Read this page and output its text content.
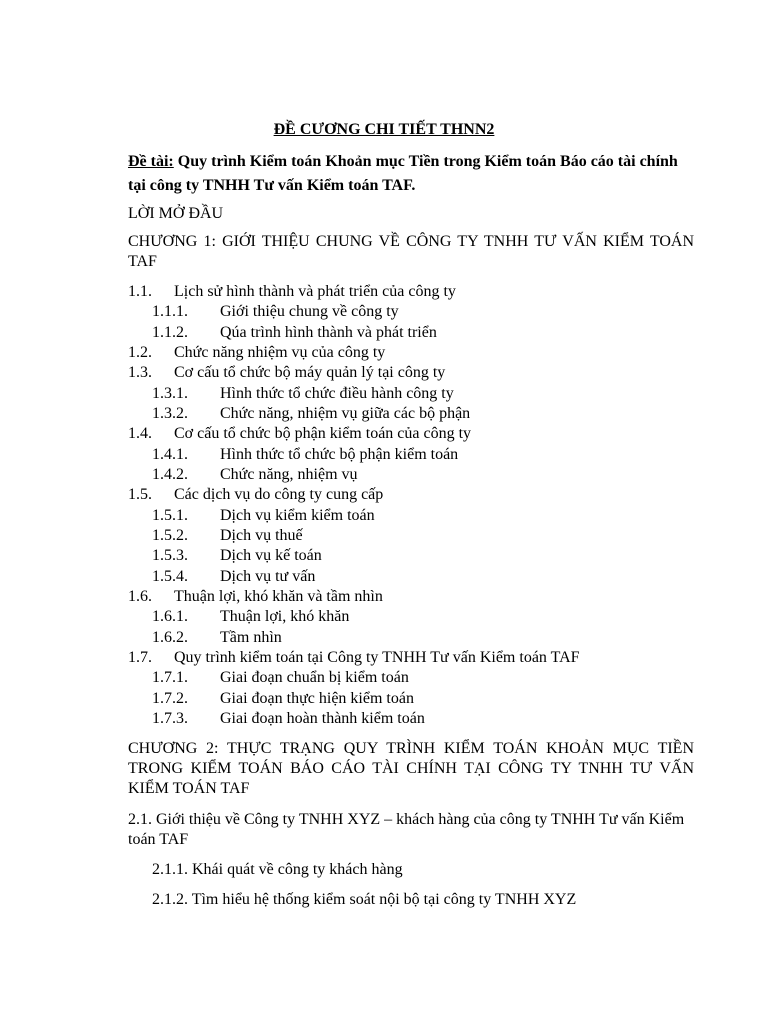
ĐỀ CƯƠNG CHI TIẾT THNN2
Đề tài: Quy trình Kiểm toán Khoản mục Tiền trong Kiểm toán Báo cáo tài chính tại công ty TNHH Tư vấn Kiểm toán TAF.
LỜI MỞ ĐẦU
CHƯƠNG 1: GIỚI THIỆU CHUNG VỀ CÔNG TY TNHH TƯ VẤN KIỂM TOÁN TAF
1.1. Lịch sử hình thành và phát triển của công ty
1.1.1. Giới thiệu chung về công ty
1.1.2. Qúa trình hình thành và phát triển
1.2. Chức năng nhiệm vụ của công ty
1.3. Cơ cấu tổ chức bộ máy quản lý tại công ty
1.3.1. Hình thức tổ chức điều hành công ty
1.3.2. Chức năng, nhiệm vụ giữa các bộ phận
1.4. Cơ cấu tổ chức bộ phận kiểm toán của công ty
1.4.1. Hình thức tổ chức bộ phận kiểm toán
1.4.2. Chức năng, nhiệm vụ
1.5. Các dịch vụ do công ty cung cấp
1.5.1. Dịch vụ kiểm kiểm toán
1.5.2. Dịch vụ thuế
1.5.3. Dịch vụ kế toán
1.5.4. Dịch vụ tư vấn
1.6. Thuận lợi, khó khăn và tầm nhìn
1.6.1. Thuận lợi, khó khăn
1.6.2. Tầm nhìn
1.7. Quy trình kiểm toán tại Công ty TNHH Tư vấn Kiểm toán TAF
1.7.1. Giai đoạn chuẩn bị kiểm toán
1.7.2. Giai đoạn thực hiện kiểm toán
1.7.3. Giai đoạn hoàn thành kiểm toán
CHƯƠNG 2: THỰC TRẠNG QUY TRÌNH KIỂM TOÁN KHOẢN MỤC TIỀN TRONG KIỂM TOÁN BÁO CÁO TÀI CHÍNH TẠI CÔNG TY TNHH TƯ VẤN KIỂM TOÁN TAF
2.1. Giới thiệu về Công ty TNHH XYZ – khách hàng của công ty TNHH Tư vấn Kiểm toán TAF
2.1.1. Khái quát về công ty khách hàng
2.1.2. Tìm hiểu hệ thống kiểm soát nội bộ tại công ty TNHH XYZ
